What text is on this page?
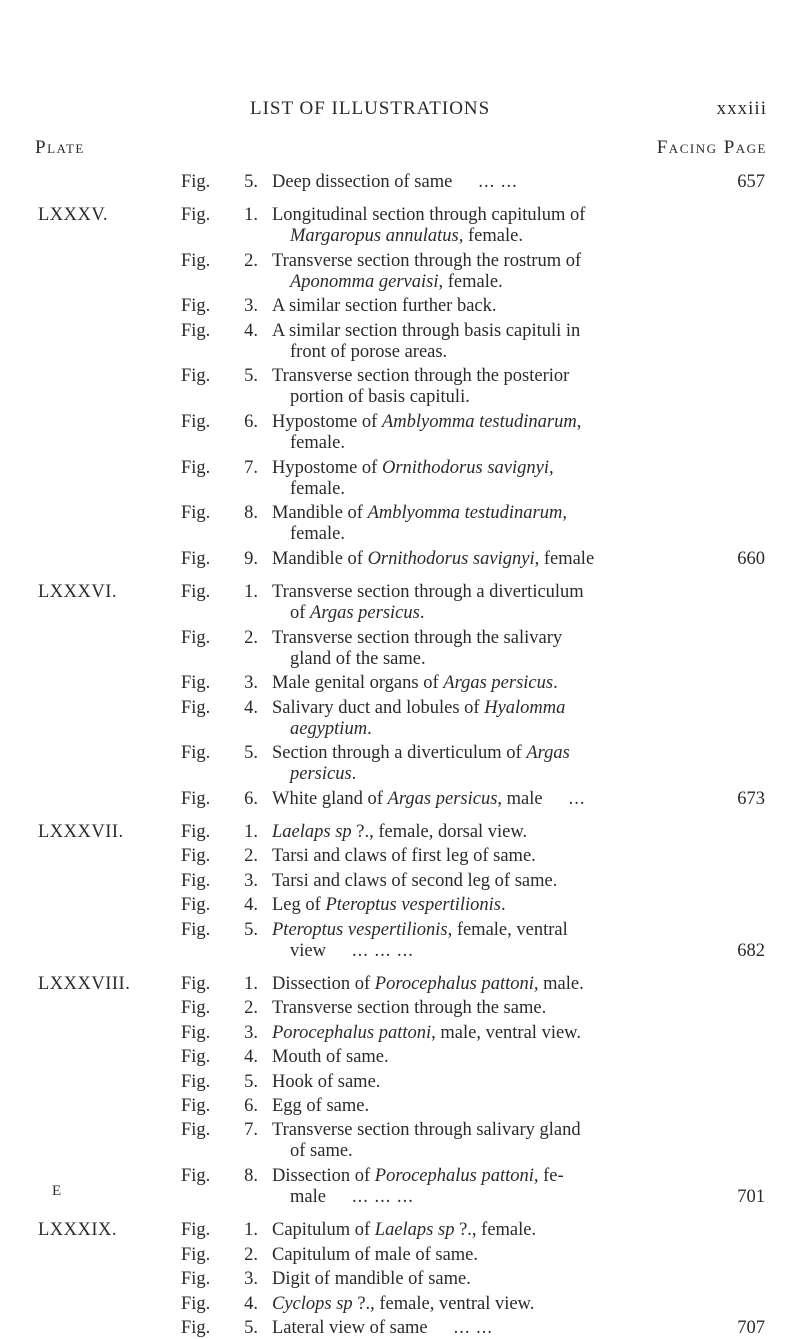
LIST OF ILLUSTRATIONS	xxxiii
Plate	Facing Page
Fig. 5. Deep dissection of same ... ...	657
LXXXV.	Fig. 1. Longitudinal section through capitulum of
Margaropus annulatus, female.
Fig. 2. Transverse section through the rostrum of
Aponomma gervaisi, female.
Fig. 3. A similar section further back.
Fig. 4. A similar section through basis capituli in
front of porose areas.
Fig. 5. Transverse section through the posterior
portion of basis capituli.
Fig. 6. Hypostome of Amblyomma testudinarum,
female.
Fig. 7. Hypostome of Ornithodorus savignyi,
female.
Fig. 8. Mandible of Amblyomma testudinarum,
female.
Fig. 9. Mandible of Ornithodorus savignyi, female	660
LXXXVI.	Fig. 1. Transverse section through a diverticulum
of Argas persicus.
Fig. 2. Transverse section through the salivary
gland of the same.
Fig. 3. Male genital organs of Argas persicus.
Fig. 4. Salivary duct and lobules of Hyalomma
aegyptium.
Fig. 5. Section through a diverticulum of Argas
persicus.
Fig. 6. White gland of Argas persicus, male ...	673
LXXXVII.	Fig. 1. Laelaps sp ?., female, dorsal view.
Fig. 2. Tarsi and claws of first leg of same.
Fig. 3. Tarsi and claws of second leg of same.
Fig. 4. Leg of Pteroptus vespertilionis.
Fig. 5. Pteroptus vespertilionis, female, ventral
view ... ... ...	682
LXXXVIII.	Fig. 1. Dissection of Porocephalus pattoni, male.
Fig. 2. Transverse section through the same.
Fig. 3. Porocephalus pattoni, male, ventral view.
Fig. 4. Mouth of same.
Fig. 5. Hook of same.
Fig. 6. Egg of same.
Fig. 7. Transverse section through salivary gland
of same.
Fig. 8. Dissection of Porocephalus pattoni, fe-
male ... ... ...	701
LXXXIX.	Fig. 1. Capitulum of Laelaps sp ?., female.
Fig. 2. Capitulum of male of same.
Fig. 3. Digit of mandible of same.
Fig. 4. Cyclops sp ?., female, ventral view.
Fig. 5. Lateral view of same ... ...	707
E
